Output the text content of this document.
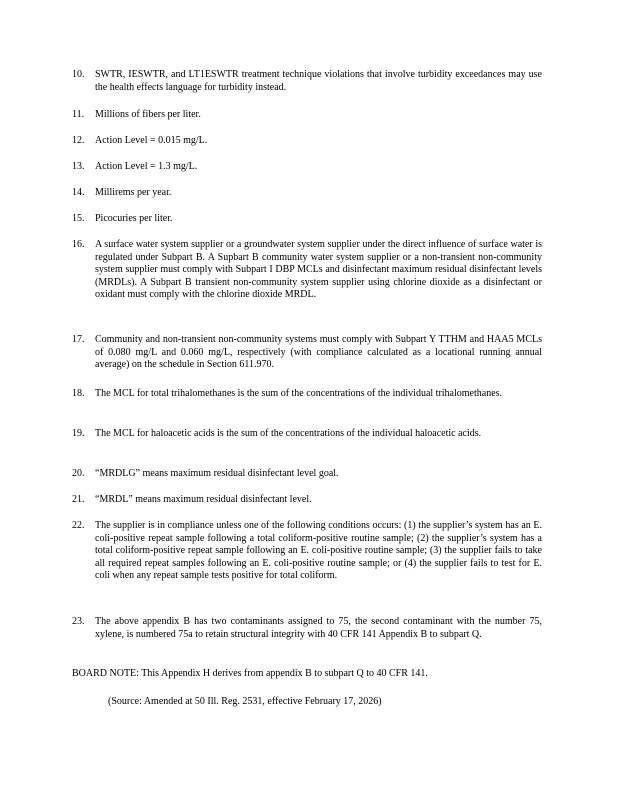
10.	SWTR, IESWTR, and LT1ESWTR treatment technique violations that involve turbidity exceedances may use the health effects language for turbidity instead.
11.	Millions of fibers per liter.
12.	Action Level = 0.015 mg/L.
13.	Action Level = 1.3 mg/L.
14.	Millirems per year.
15.	Picocuries per liter.
16.	A surface water system supplier or a groundwater system supplier under the direct influence of surface water is regulated under Subpart B. A Supbart B community water system supplier or a non-transient non-community system supplier must comply with Subpart I DBP MCLs and disinfectant maximum residual disinfectant levels (MRDLs). A Subpart B transient non-community system supplier using chlorine dioxide as a disinfectant or oxidant must comply with the chlorine dioxide MRDL.
17.	Community and non-transient non-community systems must comply with Subpart Y TTHM and HAA5 MCLs of 0.080 mg/L and 0.060 mg/L, respectively (with compliance calculated as a locational running annual average) on the schedule in Section 611.970.
18.	The MCL for total trihalomethanes is the sum of the concentrations of the individual trihalomethanes.
19.	The MCL for haloacetic acids is the sum of the concentrations of the individual haloacetic acids.
20.	“MRDLG” means maximum residual disinfectant level goal.
21.	“MRDL” means maximum residual disinfectant level.
22.	The supplier is in compliance unless one of the following conditions occurs: (1) the supplier’s system has an E. coli-positive repeat sample following a total coliform-positive routine sample; (2) the supplier’s system has a total coliform-positive repeat sample following an E. coli-positive routine sample; (3) the supplier fails to take all required repeat samples following an E. coli-positive routine sample; or (4) the supplier fails to test for E. coli when any repeat sample tests positive for total coliform.
23.	The above appendix B has two contaminants assigned to 75, the second contaminant with the number 75, xylene, is numbered 75a to retain structural integrity with 40 CFR 141 Appendix B to subpart Q.
BOARD NOTE: This Appendix H derives from appendix B to subpart Q to 40 CFR 141.
(Source: Amended at 50 Ill. Reg. 2531, effective February 17, 2026)
